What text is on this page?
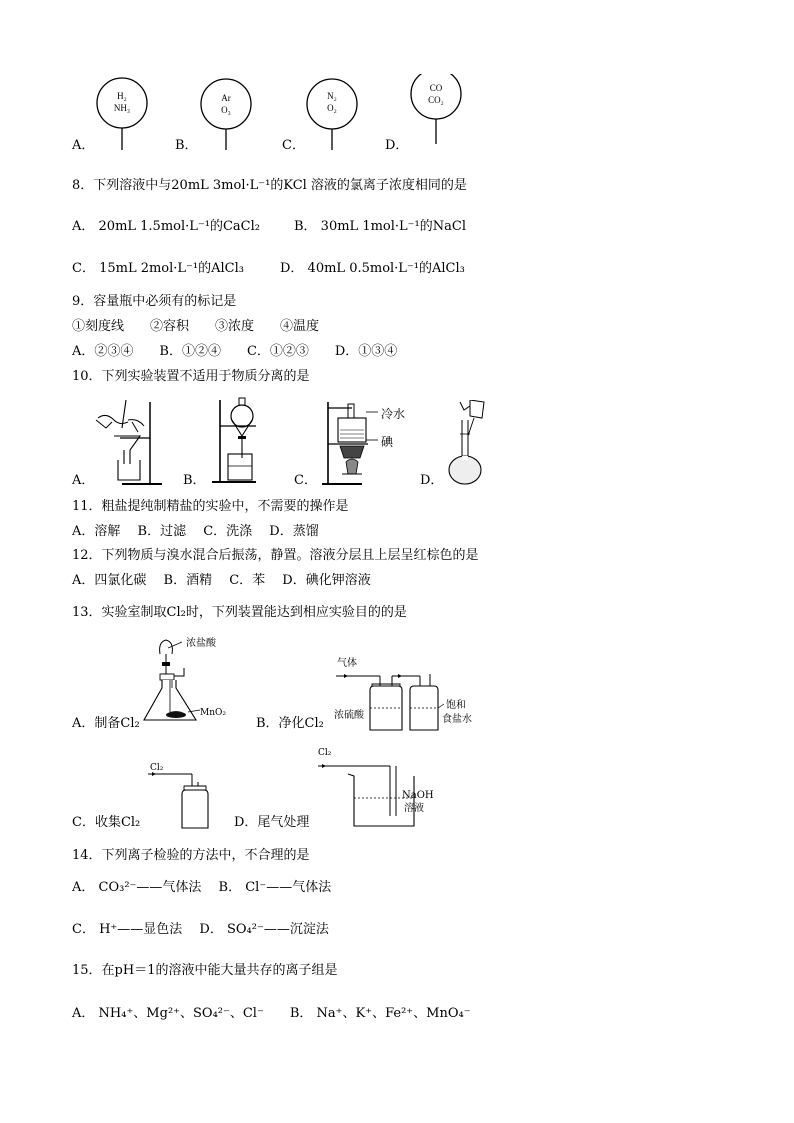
A．	B．	C．	D．
H₂
NH₃
Ar
O₃
N₂
O₂
CO
CO₂
8．下列溶液中与20mL 3mol·L⁻¹的KCl 溶液的氯离子浓度相同的是
A． 20mL 1.5mol·L⁻¹的CaCl₂	B． 30mL 1mol·L⁻¹的NaCl
C． 15mL 2mol·L⁻¹的AlCl₃	D． 40mL 0.5mol·L⁻¹的AlCl₃
9．容量瓶中必须有的标记是
①刻度线　　②容积　　③浓度　　④温度
A．②③④　　B．①②④　　C．①②③　　D．①③④
10．下列实验装置不适用于物质分离的是
A．	B．	C．	D．
冷水
碘
11．粗盐提纯制精盐的实验中，不需要的操作是
A．溶解　 B．过滤　 C．洗涤　 D．蒸馏
12．下列物质与溴水混合后振荡，静置。溶液分层且上层呈红棕色的是
A．四氯化碳　 B．酒精　 C．苯　 D．碘化钾溶液
13．实验室制取Cl₂时，下列装置能达到相应实验目的的是
浓盐酸
MnO₂
A．制备Cl₂
气体
浓硫酸
饱和
食盐水
B．净化Cl₂
Cl₂
C．收集Cl₂
Cl₂
NaOH
溶液
D．尾气处理
14．下列离子检验的方法中，不合理的是
A． CO₃²⁻——气体法　 B． Cl⁻——气体法
C． H⁺——显色法　 D． SO₄²⁻——沉淀法
15．在pH＝1的溶液中能大量共存的离子组是
A． NH₄⁺、Mg²⁺、SO₄²⁻、Cl⁻　　B． Na⁺、K⁺、Fe²⁺、MnO₄⁻
